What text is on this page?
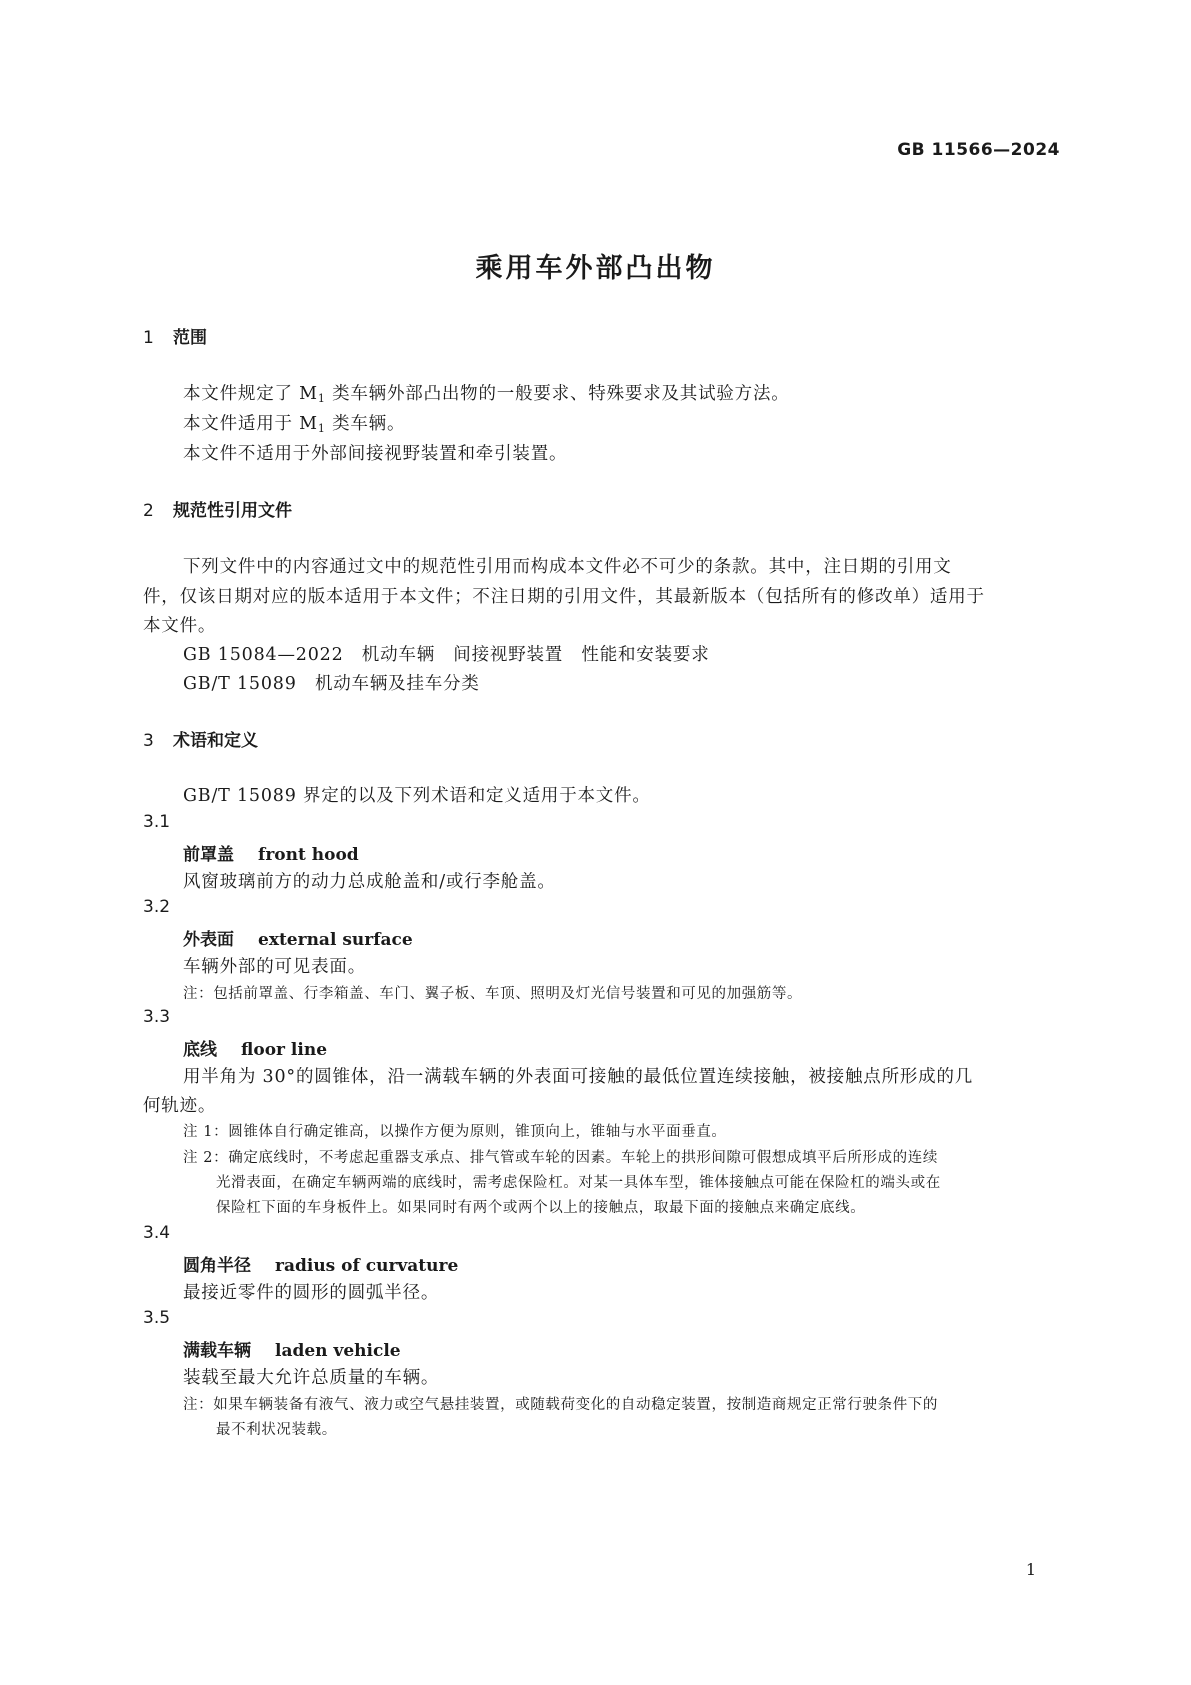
GB 11566—2024
乘用车外部凸出物
1 范围
本文件规定了 $M_1$ 类车辆外部凸出物的一般要求、特殊要求及其试验方法。
本文件适用于 $M_1$ 类车辆。
本文件不适用于外部间接视野装置和牵引装置。
2 规范性引用文件
下列文件中的内容通过文中的规范性引用而构成本文件必不可少的条款。其中，注日期的引用文
件，仅该日期对应的版本适用于本文件；不注日期的引用文件，其最新版本（包括所有的修改单）适用于
本文件。
GB 15084—2022　机动车辆　间接视野装置　性能和安装要求
GB/T 15089　机动车辆及挂车分类
3 术语和定义
GB/T 15089 界定的以及下列术语和定义适用于本文件。
3.1
前罩盖 front hood
风窗玻璃前方的动力总成舱盖和/或行李舱盖。
3.2
外表面 external surface
车辆外部的可见表面。
注：包括前罩盖、行李箱盖、车门、翼子板、车顶、照明及灯光信号装置和可见的加强筋等。
3.3
底线 floor line
用半角为 30°的圆锥体，沿一满载车辆的外表面可接触的最低位置连续接触，被接触点所形成的几
何轨迹。
注 1：圆锥体自行确定锥高，以操作方便为原则，锥顶向上，锥轴与水平面垂直。
注 2：确定底线时，不考虑起重器支承点、排气管或车轮的因素。车轮上的拱形间隙可假想成填平后所形成的连续
光滑表面，在确定车辆两端的底线时，需考虑保险杠。对某一具体车型，锥体接触点可能在保险杠的端头或在
保险杠下面的车身板件上。如果同时有两个或两个以上的接触点，取最下面的接触点来确定底线。
3.4
圆角半径 radius of curvature
最接近零件的圆形的圆弧半径。
3.5
满载车辆 laden vehicle
装载至最大允许总质量的车辆。
注：如果车辆装备有液气、液力或空气悬挂装置，或随载荷变化的自动稳定装置，按制造商规定正常行驶条件下的
最不利状况装载。
1
